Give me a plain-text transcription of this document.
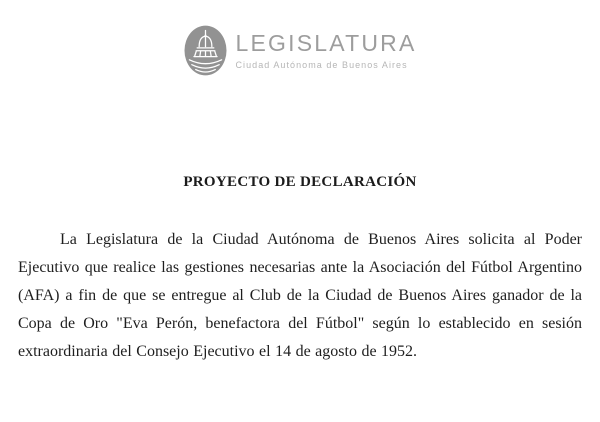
LEGISLATURA
Ciudad Autónoma de Buenos Aires
PROYECTO DE DECLARACIÓN

La Legislatura de la Ciudad Autónoma de Buenos Aires solicita al Poder Ejecutivo que realice las gestiones necesarias ante la Asociación del Fútbol Argentino (AFA) a fin de que se entregue al Club de la Ciudad de Buenos Aires ganador de la Copa de Oro "Eva Perón, benefactora del Fútbol" según lo establecido en sesión extraordinaria del Consejo Ejecutivo el 14 de agosto de 1952.
